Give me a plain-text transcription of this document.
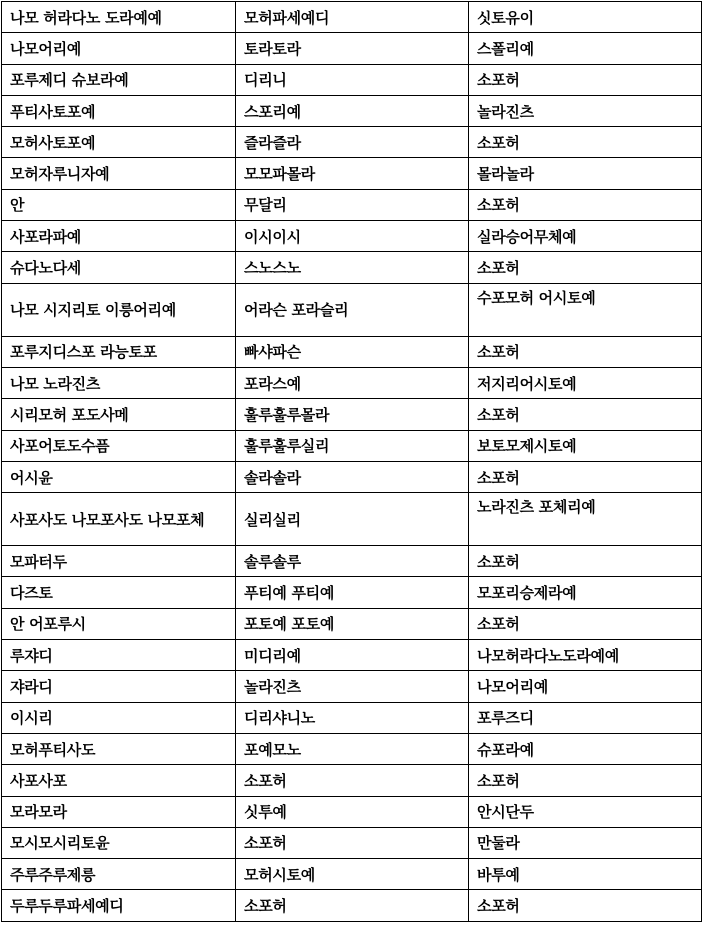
나모 허라다노 도라예예	모허파세예디	싯토유이
나모어리예	토라토라	스폴리예
포루제디 슈보라예	디리니	소포허
푸티사토포예	스포리예	놀라진츠
모허사토포예	즐라즐라	소포허
모허자루니자예	모모파몰라	몰라놀라
안	무달리	소포허
사포라파예	이시이시	실라승어무체예
슈다노다세	스노스노	소포허
나모 시지리토 이릉어리예	어라슨 포라슬리	수포모허 어시토예
포루지디스포 라능토포	빠샤파슨	소포허
나모 노라진츠	포라스예	저지리어시토예
시리모허 포도사메	훌루훌루몰라	소포허
사포어토도수픔	훌루훌루실리	보토모제시토예
어시윤	솔라솔라	소포허
사포사도 나모포사도 나모포체	실리실리	노라진츠 포체리예
모파터두	솔루솔루	소포허
다즈토	푸티예 푸티예	모포리승제라예
안 어포루시	포토예 포토예	소포허
루쟈디	미디리예	나모허라다노도라예예
쟈라디	놀라진츠	나모어리예
이시리	디리샤니노	포루즈디
모허푸티사도	포예모노	슈포라예
사포사포	소포허	소포허
모라모라	싯투예	안시단두
모시모시리토윤	소포허	만둘라
주루주루제릉	모허시토예	바투예
두루두루파세예디	소포허	소포허
